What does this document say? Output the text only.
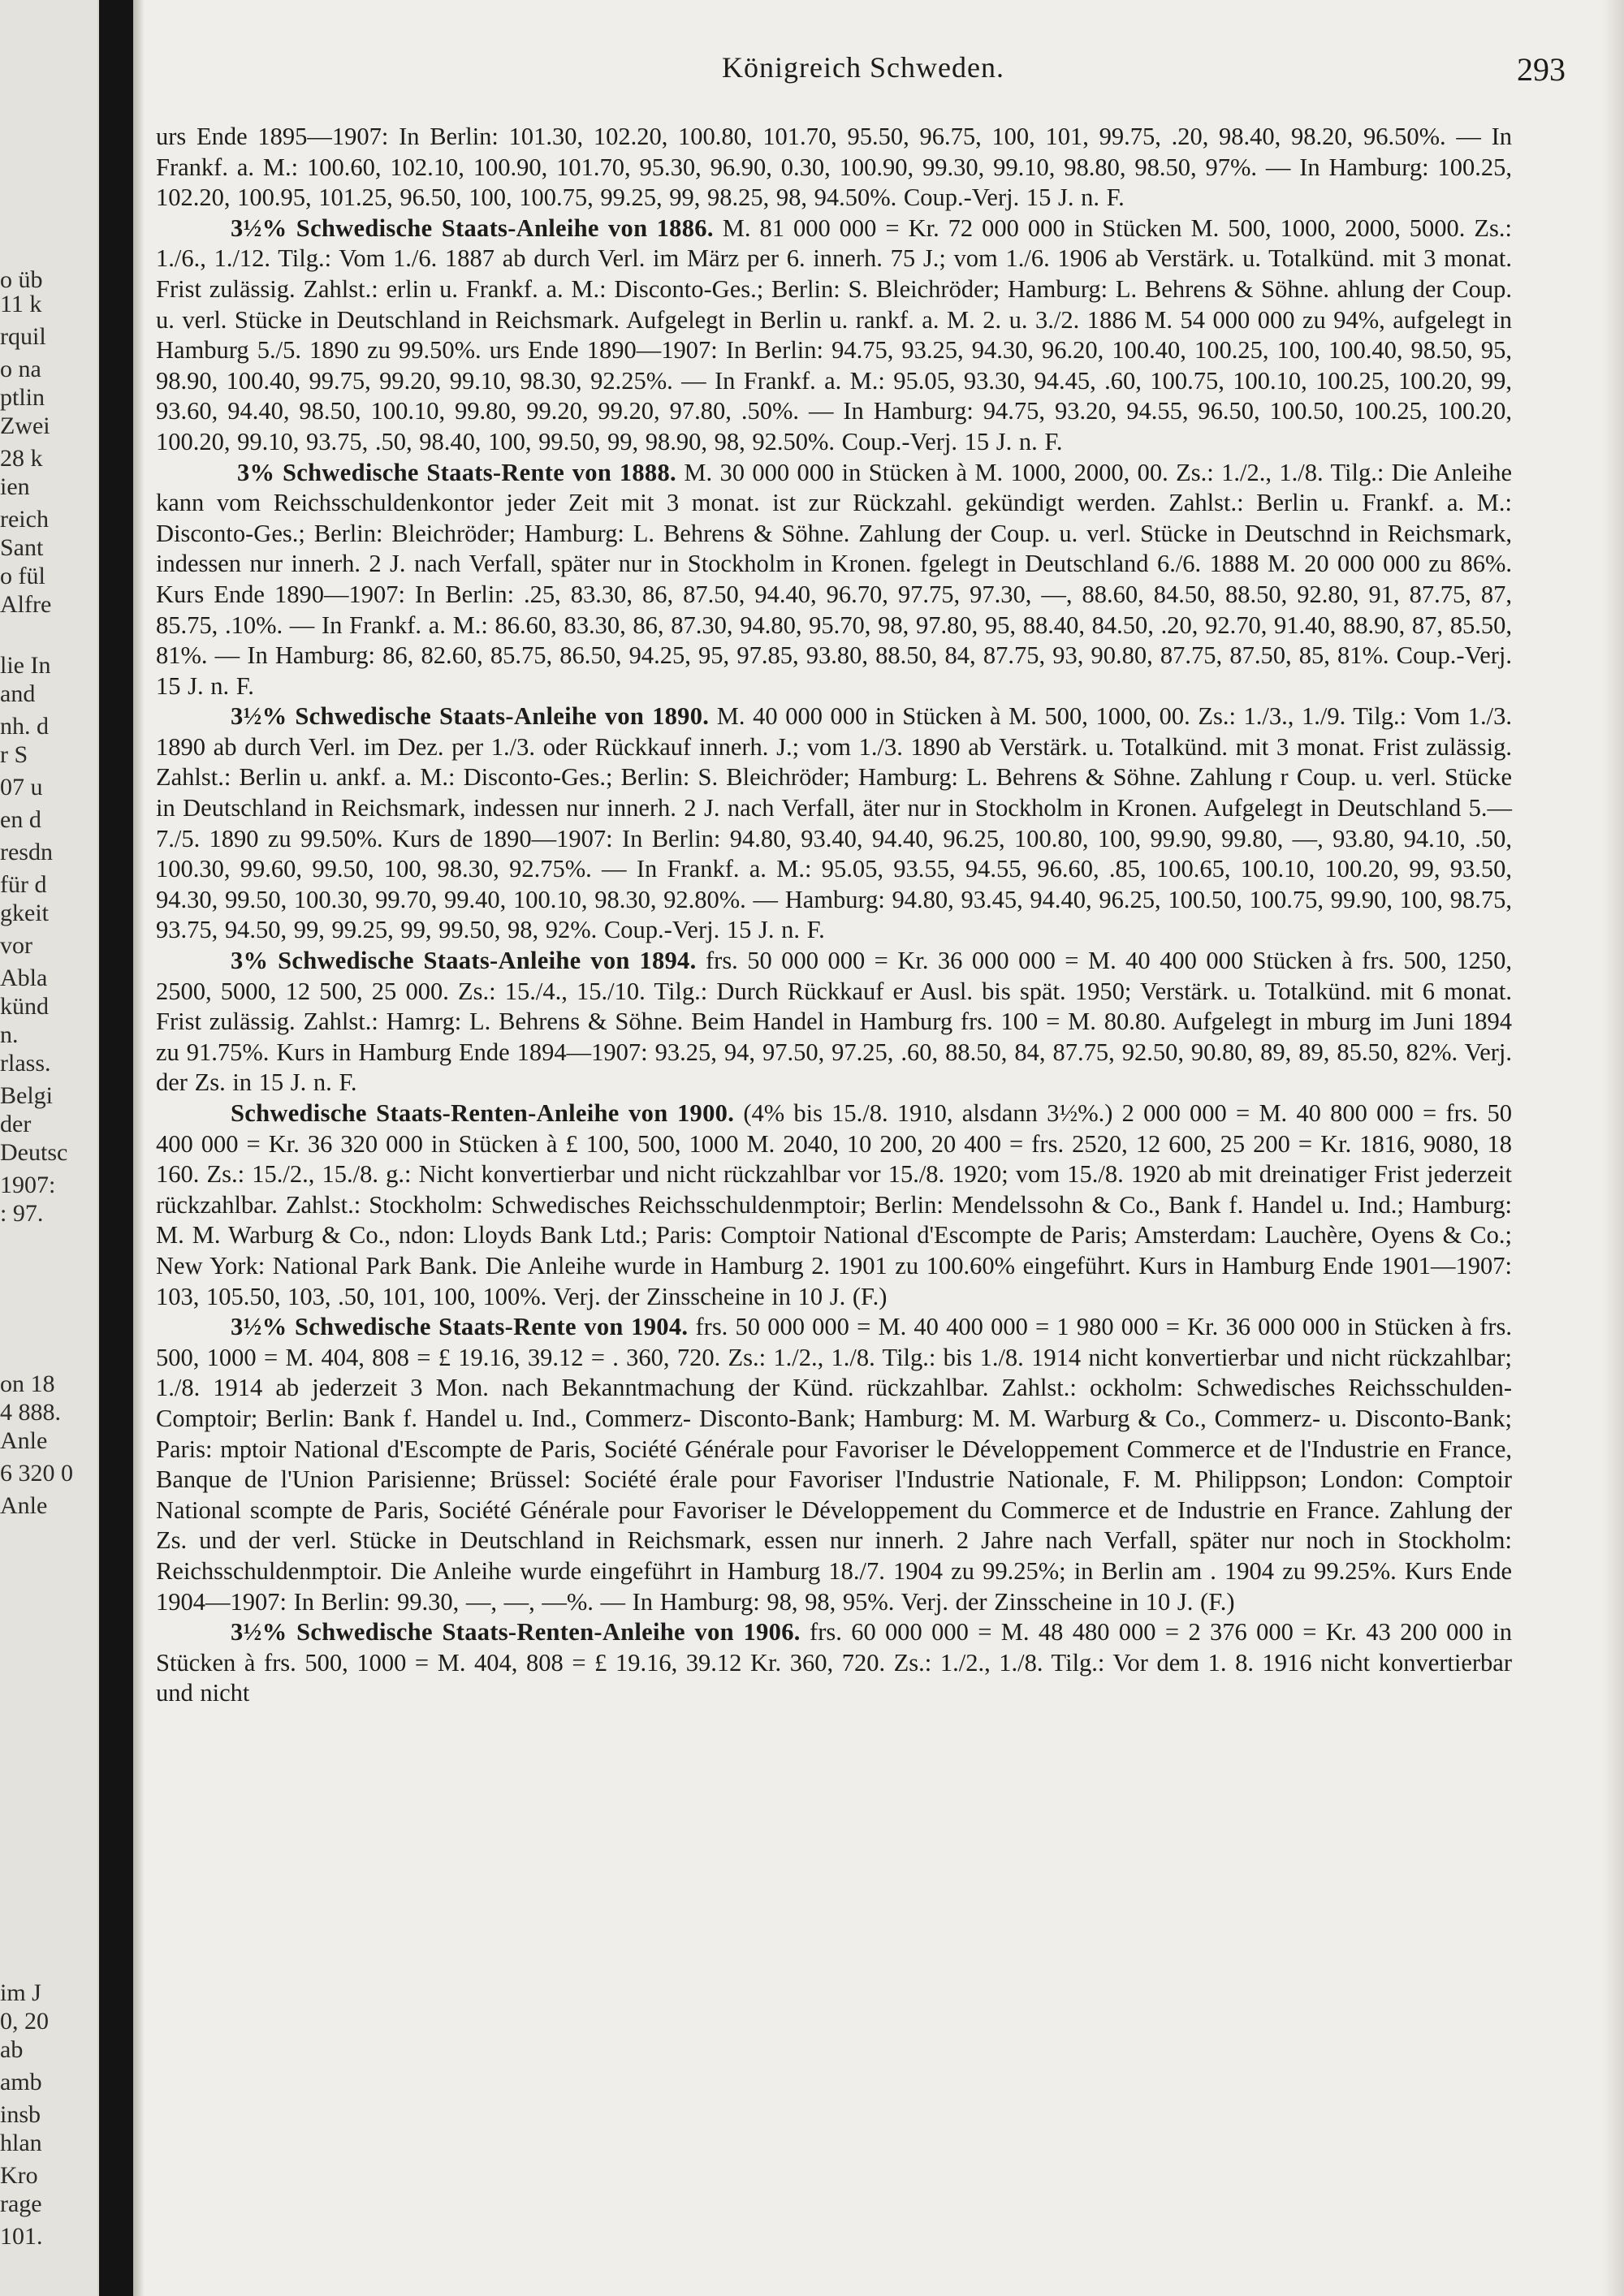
o üb
11 k
rquil
o na
ptlin
Zwei
28 k
ien
reich
Sant
o fül
Alfre
lie In
and
nh. d
r S
07 u
en d
resdn
für d
gkeit
vor
Abla
künd
n.
rlass.
Belgi
der
Deutsc
1907:
: 97.
on 18
4 888.
Anle
6 320 0
Anle
im J
0, 20
ab
amb
insb
hlan
Kro
rage
101.
Königreich Schweden.	293

urs Ende 1895—1907: In Berlin: 101.30, 102.20, 100.80, 101.70, 95.50, 96.75, 100, 101, 99.75, .20, 98.40, 98.20, 96.50%. — In Frankf. a. M.: 100.60, 102.10, 100.90, 101.70, 95.30, 96.90, 0.30, 100.90, 99.30, 99.10, 98.80, 98.50, 97%. — In Hamburg: 100.25, 102.20, 100.95, 101.25, 96.50, 100, 100.75, 99.25, 99, 98.25, 98, 94.50%. Coup.-Verj. 15 J. n. F.

3½% Schwedische Staats-Anleihe von 1886. M. 81 000 000 = Kr. 72 000 000 in Stücken M. 500, 1000, 2000, 5000. Zs.: 1./6., 1./12. Tilg.: Vom 1./6. 1887 ab durch Verl. im März per 6. innerh. 75 J.; vom 1./6. 1906 ab Verstärk. u. Totalkünd. mit 3 monat. Frist zulässig. Zahlst.: erlin u. Frankf. a. M.: Disconto-Ges.; Berlin: S. Bleichröder; Hamburg: L. Behrens & Söhne. ahlung der Coup. u. verl. Stücke in Deutschland in Reichsmark. Aufgelegt in Berlin u. rankf. a. M. 2. u. 3./2. 1886 M. 54 000 000 zu 94%, aufgelegt in Hamburg 5./5. 1890 zu 99.50%. urs Ende 1890—1907: In Berlin: 94.75, 93.25, 94.30, 96.20, 100.40, 100.25, 100, 100.40, 98.50, 95, 98.90, 100.40, 99.75, 99.20, 99.10, 98.30, 92.25%. — In Frankf. a. M.: 95.05, 93.30, 94.45, .60, 100.75, 100.10, 100.25, 100.20, 99, 93.60, 94.40, 98.50, 100.10, 99.80, 99.20, 99.20, 97.80, .50%. — In Hamburg: 94.75, 93.20, 94.55, 96.50, 100.50, 100.25, 100.20, 100.20, 99.10, 93.75, .50, 98.40, 100, 99.50, 99, 98.90, 98, 92.50%. Coup.-Verj. 15 J. n. F.

3% Schwedische Staats-Rente von 1888. M. 30 000 000 in Stücken à M. 1000, 2000, 00. Zs.: 1./2., 1./8. Tilg.: Die Anleihe kann vom Reichsschuldenkontor jeder Zeit mit 3 monat. ist zur Rückzahl. gekündigt werden. Zahlst.: Berlin u. Frankf. a. M.: Disconto-Ges.; Berlin: Bleichröder; Hamburg: L. Behrens & Söhne. Zahlung der Coup. u. verl. Stücke in Deutschnd in Reichsmark, indessen nur innerh. 2 J. nach Verfall, später nur in Stockholm in Kronen. fgelegt in Deutschland 6./6. 1888 M. 20 000 000 zu 86%. Kurs Ende 1890—1907: In Berlin: .25, 83.30, 86, 87.50, 94.40, 96.70, 97.75, 97.30, —, 88.60, 84.50, 88.50, 92.80, 91, 87.75, 87, 85.75, .10%. — In Frankf. a. M.: 86.60, 83.30, 86, 87.30, 94.80, 95.70, 98, 97.80, 95, 88.40, 84.50, .20, 92.70, 91.40, 88.90, 87, 85.50, 81%. — In Hamburg: 86, 82.60, 85.75, 86.50, 94.25, 95, 97.85, 93.80, 88.50, 84, 87.75, 93, 90.80, 87.75, 87.50, 85, 81%. Coup.-Verj. 15 J. n. F.

3½% Schwedische Staats-Anleihe von 1890. M. 40 000 000 in Stücken à M. 500, 1000, 00. Zs.: 1./3., 1./9. Tilg.: Vom 1./3. 1890 ab durch Verl. im Dez. per 1./3. oder Rückkauf innerh. J.; vom 1./3. 1890 ab Verstärk. u. Totalkünd. mit 3 monat. Frist zulässig. Zahlst.: Berlin u. ankf. a. M.: Disconto-Ges.; Berlin: S. Bleichröder; Hamburg: L. Behrens & Söhne. Zahlung r Coup. u. verl. Stücke in Deutschland in Reichsmark, indessen nur innerh. 2 J. nach Verfall, äter nur in Stockholm in Kronen. Aufgelegt in Deutschland 5.—7./5. 1890 zu 99.50%. Kurs de 1890—1907: In Berlin: 94.80, 93.40, 94.40, 96.25, 100.80, 100, 99.90, 99.80, —, 93.80, 94.10, .50, 100.30, 99.60, 99.50, 100, 98.30, 92.75%. — In Frankf. a. M.: 95.05, 93.55, 94.55, 96.60, .85, 100.65, 100.10, 100.20, 99, 93.50, 94.30, 99.50, 100.30, 99.70, 99.40, 100.10, 98.30, 92.80%. — Hamburg: 94.80, 93.45, 94.40, 96.25, 100.50, 100.75, 99.90, 100, 98.75, 93.75, 94.50, 99, 99.25, 99, 99.50, 98, 92%. Coup.-Verj. 15 J. n. F.

3% Schwedische Staats-Anleihe von 1894. frs. 50 000 000 = Kr. 36 000 000 = M. 40 400 000 Stücken à frs. 500, 1250, 2500, 5000, 12 500, 25 000. Zs.: 15./4., 15./10. Tilg.: Durch Rückkauf er Ausl. bis spät. 1950; Verstärk. u. Totalkünd. mit 6 monat. Frist zulässig. Zahlst.: Hamrg: L. Behrens & Söhne. Beim Handel in Hamburg frs. 100 = M. 80.80. Aufgelegt in mburg im Juni 1894 zu 91.75%. Kurs in Hamburg Ende 1894—1907: 93.25, 94, 97.50, 97.25, .60, 88.50, 84, 87.75, 92.50, 90.80, 89, 89, 85.50, 82%. Verj. der Zs. in 15 J. n. F.

Schwedische Staats-Renten-Anleihe von 1900. (4% bis 15./8. 1910, alsdann 3½%.) 2 000 000 = M. 40 800 000 = frs. 50 400 000 = Kr. 36 320 000 in Stücken à £ 100, 500, 1000 M. 2040, 10 200, 20 400 = frs. 2520, 12 600, 25 200 = Kr. 1816, 9080, 18 160. Zs.: 15./2., 15./8. g.: Nicht konvertierbar und nicht rückzahlbar vor 15./8. 1920; vom 15./8. 1920 ab mit dreinatiger Frist jederzeit rückzahlbar. Zahlst.: Stockholm: Schwedisches Reichsschuldenmptoir; Berlin: Mendelssohn & Co., Bank f. Handel u. Ind.; Hamburg: M. M. Warburg & Co., ndon: Lloyds Bank Ltd.; Paris: Comptoir National d'Escompte de Paris; Amsterdam: Lauchère, Oyens & Co.; New York: National Park Bank. Die Anleihe wurde in Hamburg 2. 1901 zu 100.60% eingeführt. Kurs in Hamburg Ende 1901—1907: 103, 105.50, 103, .50, 101, 100, 100%. Verj. der Zinsscheine in 10 J. (F.)

3½% Schwedische Staats-Rente von 1904. frs. 50 000 000 = M. 40 400 000 = 1 980 000 = Kr. 36 000 000 in Stücken à frs. 500, 1000 = M. 404, 808 = £ 19.16, 39.12 = . 360, 720. Zs.: 1./2., 1./8. Tilg.: bis 1./8. 1914 nicht konvertierbar und nicht rückzahlbar; 1./8. 1914 ab jederzeit 3 Mon. nach Bekanntmachung der Künd. rückzahlbar. Zahlst.: ockholm: Schwedisches Reichsschulden-Comptoir; Berlin: Bank f. Handel u. Ind., Commerz- Disconto-Bank; Hamburg: M. M. Warburg & Co., Commerz- u. Disconto-Bank; Paris: mptoir National d'Escompte de Paris, Société Générale pour Favoriser le Développement Commerce et de l'Industrie en France, Banque de l'Union Parisienne; Brüssel: Société érale pour Favoriser l'Industrie Nationale, F. M. Philippson; London: Comptoir National scompte de Paris, Société Générale pour Favoriser le Développement du Commerce et de Industrie en France. Zahlung der Zs. und der verl. Stücke in Deutschland in Reichsmark, essen nur innerh. 2 Jahre nach Verfall, später nur noch in Stockholm: Reichsschuldenmptoir. Die Anleihe wurde eingeführt in Hamburg 18./7. 1904 zu 99.25%; in Berlin am . 1904 zu 99.25%. Kurs Ende 1904—1907: In Berlin: 99.30, —, —, —%. — In Hamburg: 98, 98, 95%. Verj. der Zinsscheine in 10 J. (F.)

3½% Schwedische Staats-Renten-Anleihe von 1906. frs. 60 000 000 = M. 48 480 000 = 2 376 000 = Kr. 43 200 000 in Stücken à frs. 500, 1000 = M. 404, 808 = £ 19.16, 39.12 Kr. 360, 720. Zs.: 1./2., 1./8. Tilg.: Vor dem 1. 8. 1916 nicht konvertierbar und nicht
